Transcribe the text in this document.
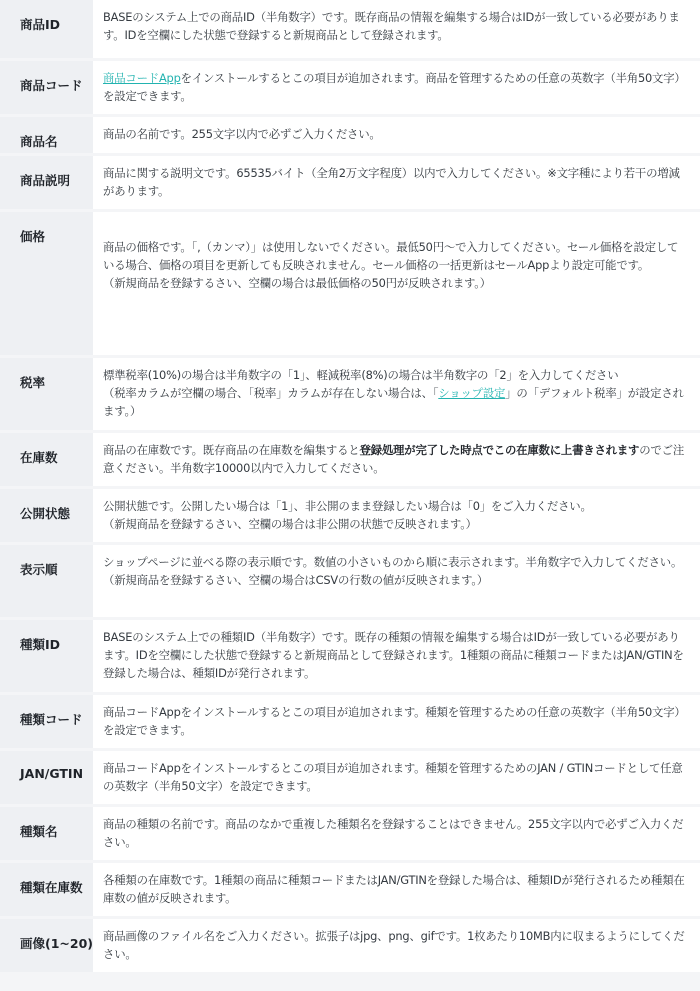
商品ID	BASEのシステム上での商品ID（半角数字）です。既存商品の情報を編集する場合はIDが一致している必要があります。IDを空欄にした状態で登録すると新規商品として登録されます。
商品コード	商品コードAppをインストールするとこの項目が追加されます。商品を管理するための任意の英数字（半角50文字）を設定できます。
商品名	商品の名前です。255文字以内で必ずご入力ください。
商品説明	商品に関する説明文です。65535バイト（全角2万文字程度）以内で入力してください。※文字種により若干の増減があります。
価格	商品の価格です。「,（カンマ）」は使用しないでください。最低50円〜で入力してください。セール価格を設定している場合、価格の項目を更新しても反映されません。セール価格の一括更新はセールAppより設定可能です。
（新規商品を登録するさい、空欄の場合は最低価格の50円が反映されます。）

税率	標準税率(10%)の場合は半角数字の「1」、軽減税率(8%)の場合は半角数字の「2」を入力してください
（税率カラムが空欄の場合、「税率」カラムが存在しない場合は、「ショップ設定」の「デフォルト税率」が設定されます。）

在庫数	商品の在庫数です。既存商品の在庫数を編集すると登録処理が完了した時点でこの在庫数に上書きされますのでご注意ください。半角数字10000以内で入力してください。
公開状態	公開状態です。公開したい場合は「1」、非公開のまま登録したい場合は「0」をご入力ください。
（新規商品を登録するさい、空欄の場合は非公開の状態で反映されます。）

表示順	ショップページに並べる際の表示順です。数値の小さいものから順に表示されます。半角数字で入力してください。
（新規商品を登録するさい、空欄の場合はCSVの行数の値が反映されます。）

種類ID	BASEのシステム上での種類ID（半角数字）です。既存の種類の情報を編集する場合はIDが一致している必要があります。IDを空欄にした状態で登録すると新規商品として登録されます。1種類の商品に種類コードまたはJAN/GTINを登録した場合は、種類IDが発行されます。
種類コード	商品コードAppをインストールするとこの項目が追加されます。種類を管理するための任意の英数字（半角50文字）を設定できます。
JAN/GTIN	商品コードAppをインストールするとこの項目が追加されます。種類を管理するためのJAN / GTINコードとして任意の英数字（半角50文字）を設定できます。
種類名	商品の種類の名前です。商品のなかで重複した種類名を登録することはできません。255文字以内で必ずご入力ください。
種類在庫数	各種類の在庫数です。1種類の商品に種類コードまたはJAN/GTINを登録した場合は、種類IDが発行されるため種類在庫数の値が反映されます。
画像(1~20)	商品画像のファイル名をご入力ください。拡張子はjpg、png、gifです。1枚あたり10MB内に収まるようにしてください。
